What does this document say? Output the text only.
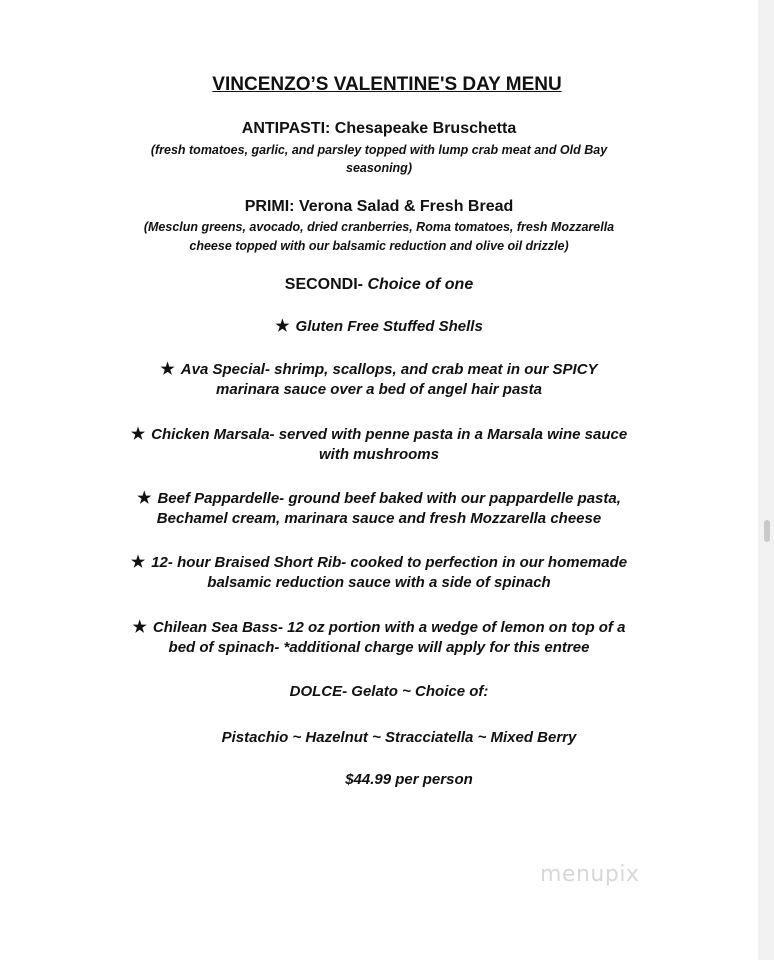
VINCENZO’S VALENTINE'S DAY MENU
ANTIPASTI: Chesapeake Bruschetta
(fresh tomatoes, garlic, and parsley topped with lump crab meat and Old Bay
seasoning)
PRIMI: Verona Salad & Fresh Bread
(Mesclun greens, avocado, dried cranberries, Roma tomatoes, fresh Mozzarella
cheese topped with our balsamic reduction and olive oil drizzle)
SECONDI- Choice of one
★ Gluten Free Stuffed Shells
★ Ava Special- shrimp, scallops, and crab meat in our SPICY
marinara sauce over a bed of angel hair pasta
★ Chicken Marsala- served with penne pasta in a Marsala wine sauce
with mushrooms
★ Beef Pappardelle- ground beef baked with our pappardelle pasta,
Bechamel cream, marinara sauce and fresh Mozzarella cheese
★ 12- hour Braised Short Rib- cooked to perfection in our homemade
balsamic reduction sauce with a side of spinach
★ Chilean Sea Bass- 12 oz portion with a wedge of lemon on top of a
bed of spinach- *additional charge will apply for this entree
DOLCE- Gelato ~ Choice of:
Pistachio ~ Hazelnut ~ Stracciatella ~ Mixed Berry
$44.99 per person
menupix
